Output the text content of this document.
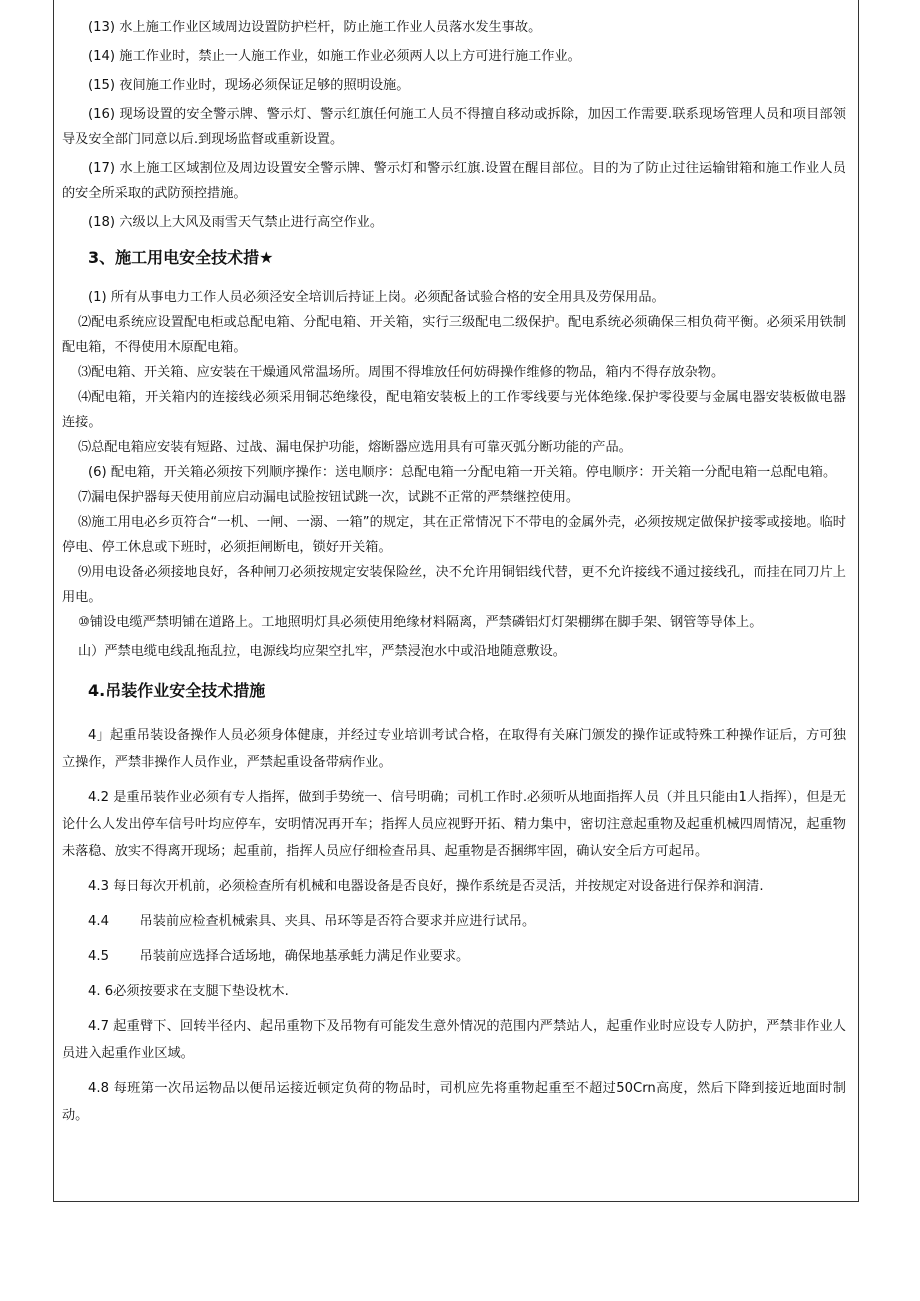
(13) 水上施工作业区域周边设置防护栏杆，防止施工作业人员落水发生事故。

(14) 施工作业时，禁止一人施工作业，如施工作业必须两人以上方可进行施工作业。

(15) 夜间施工作业时，现场必须保证足够的照明设施。

(16) 现场设置的安全警示牌、警示灯、警示红旗任何施工人员不得擅自移动或拆除，加因工作需要.联系现场管理人员和项目部领导及安全部门同意以后.到现场监督或重新设置。

(17) 水上施工区域割位及周边设置安全警示牌、警示灯和警示红旗.设置在醒目部位。目的为了防止过往运输钳箱和施工作业人员的安全所采取的武防预控措施。

(18) 六级以上大风及雨雪天气禁止进行高空作业。

3、施工用电安全技术措★

(1) 所有从事电力工作人员必须泾安全培训后持证上岗。必须配备试验合格的安全用具及劳保用品。

⑵配电系统应设置配电柜或总配电箱、分配电箱、开关箱，实行三级配电二级保护。配电系统必须确保三相负荷平衡。必须采用铁制配电箱，不得使用木原配电箱。

⑶配电箱、开关箱、应安装在干燥通风常温场所。周围不得堆放任何妨碍操作维修的物品，箱内不得存放杂物。

⑷配电箱，开关箱内的连接线必须采用铜芯绝缘役，配电箱安装板上的工作零线要与光体绝缘.保护零役要与金属电器安装板做电器连接。

⑸总配电箱应安装有短路、过战、漏电保护功能，熔断器应选用具有可靠灭弧分断功能的产品。

(6) 配电箱，开关箱必须按下列顺序操作：送电顺序：总配电箱一分配电箱一开关箱。停电顺序：开关箱一分配电箱一总配电箱。

⑺漏电保护器每天使用前应启动漏电试脸按钮试跳一次，试跳不正常的严禁继控使用。

⑻施工用电必乡页符合“一机、一闸、一溺、一箱”的规定，其在正常情况下不带电的金属外壳，必须按规定做保护接零或接地。临时停电、停工休息或下班时，必须拒闸断电，锁好开关箱。

⑼用电设备必须接地良好，各种闸刀必须按规定安装保险丝，决不允许用铜铝线代替，更不允许接线不通过接线孔，而挂在同刀片上用电。

⑩铺设电缆严禁明铺在道路上。工地照明灯具必须使用绝缘材料隔离，严禁磷铝灯灯架棚绑在脚手架、钢管等导体上。

山）严禁电缆电线乱拖乱拉，电源线均应架空扎牢，严禁浸泡水中或沿地随意敷设。

4.吊装作业安全技术措施

4」起重吊装设备操作人员必须身体健康，并经过专业培训考试合格，在取得有关麻门颁发的操作证或特殊工种操作证后，方可独立操作，严禁非操作人员作业，严禁起重设备带病作业。

4.2 是重吊装作业必须有专人指挥，做到手势统一、信号明确；司机工作时.必须听从地面指挥人员（并且只能由1人指挥），但是无论什么人发出停车信号叶均应停车，安明情况再开车；指挥人员应视野开拓、精力集中，密切注意起重物及起重机械四周情况，起重物未落稳、放实不得离开现场；起重前，指挥人员应仔细检查吊具、起重物是否捆绑牢固，确认安全后方可起吊。

4.3 每日每次开机前，必须检查所有机械和电器设备是否良好，操作系统是否灵活，并按规定对设备进行保养和润清.

4.4 　　吊装前应检查机械索具、夹具、吊环等是否符合要求并应进行试吊。

4.5 　　吊装前应选择合适场地，确保地基承蚝力满足作业要求。

4. 6必须按要求在支腿下垫设枕木.

4.7 起重臂下、回转半径内、起吊重物下及吊物有可能发生意外情况的范围内严禁站人，起重作业时应设专人防护，严禁非作业人员进入起重作业区域。

4.8 每班第一次吊运物品以便吊运接近顿定负荷的物品时，司机应先将重物起重至不超过50Crn高度，然后下降到接近地面时制动。
